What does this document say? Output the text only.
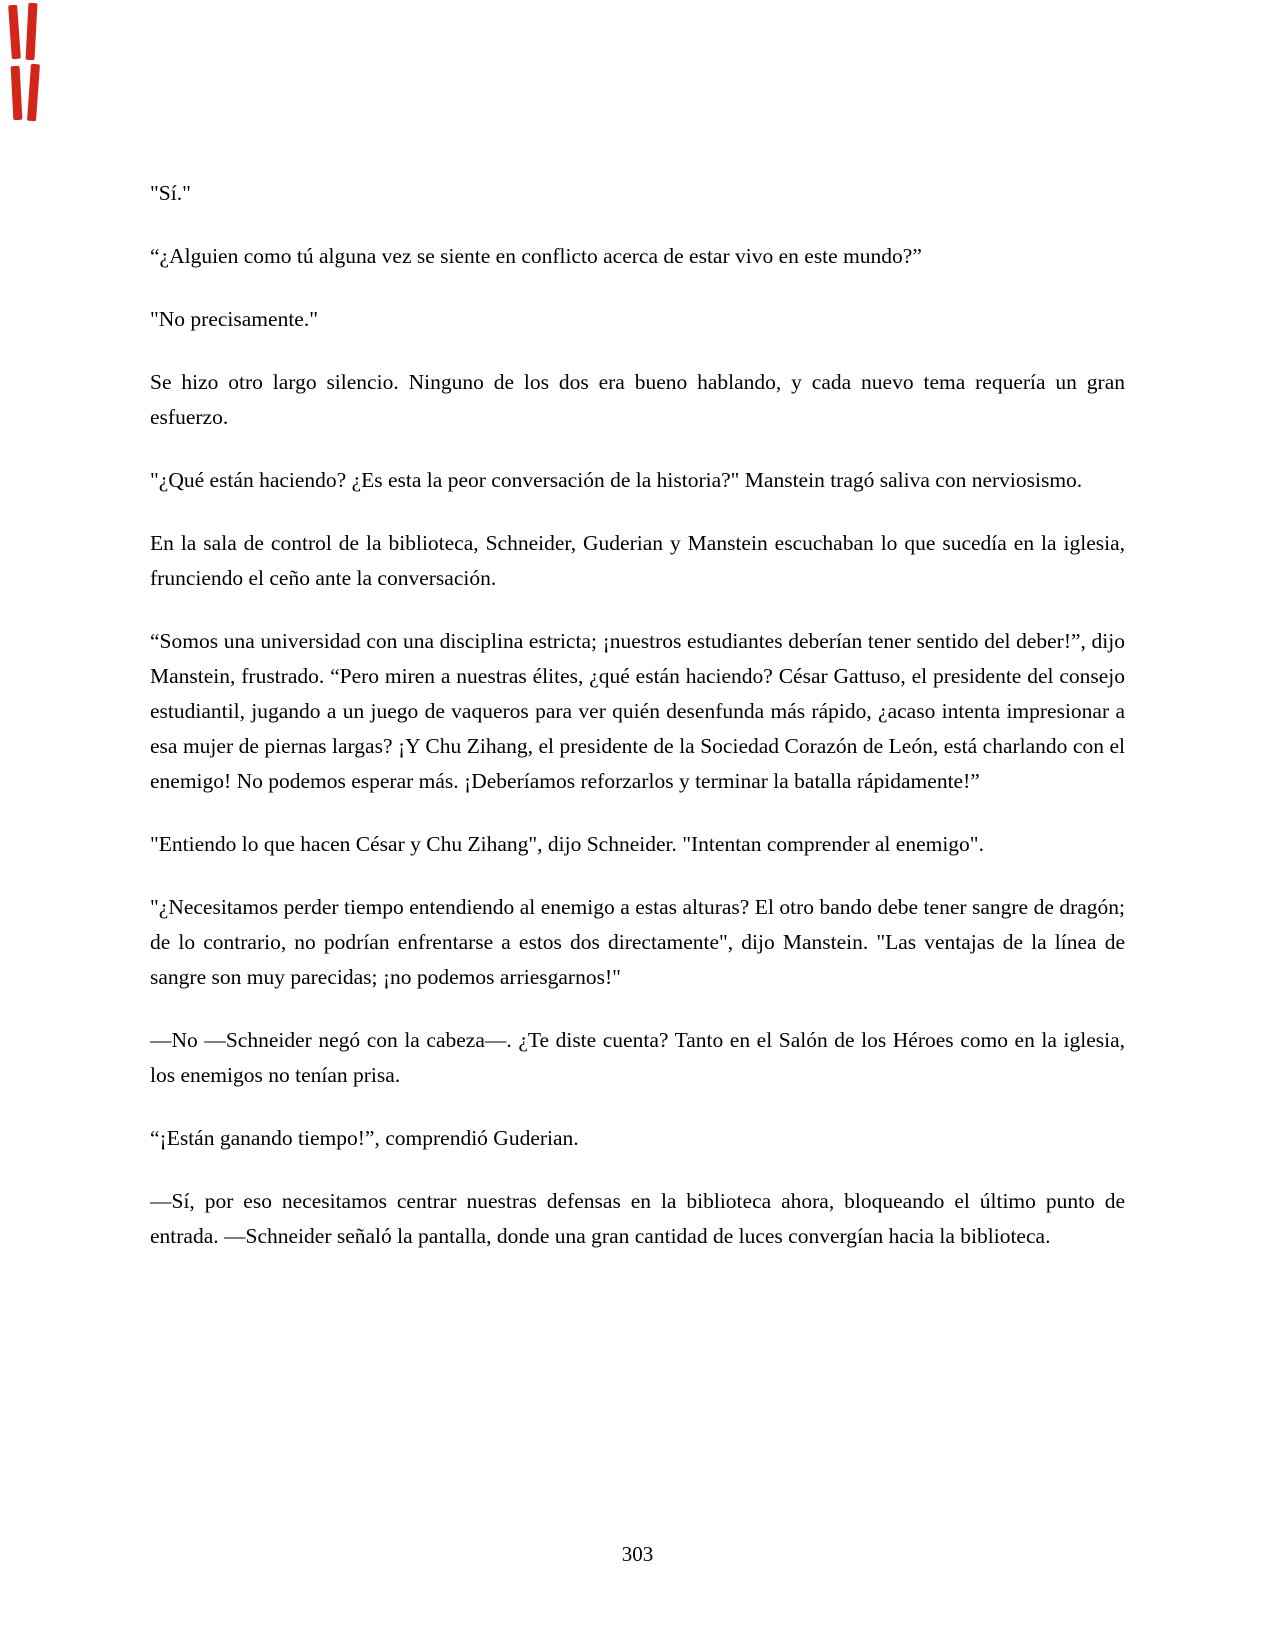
"Sí."

“¿Alguien como tú alguna vez se siente en conflicto acerca de estar vivo en este mundo?”

"No precisamente."

Se hizo otro largo silencio. Ninguno de los dos era bueno hablando, y cada nuevo tema requería un gran esfuerzo.

"¿Qué están haciendo? ¿Es esta la peor conversación de la historia?" Manstein tragó saliva con nerviosismo.

En la sala de control de la biblioteca, Schneider, Guderian y Manstein escuchaban lo que sucedía en la iglesia, frunciendo el ceño ante la conversación.

“Somos una universidad con una disciplina estricta; ¡nuestros estudiantes deberían tener sentido del deber!”, dijo Manstein, frustrado. “Pero miren a nuestras élites, ¿qué están haciendo? César Gattuso, el presidente del consejo estudiantil, jugando a un juego de vaqueros para ver quién desenfunda más rápido, ¿acaso intenta impresionar a esa mujer de piernas largas? ¡Y Chu Zihang, el presidente de la Sociedad Corazón de León, está charlando con el enemigo! No podemos esperar más. ¡Deberíamos reforzarlos y terminar la batalla rápidamente!”

"Entiendo lo que hacen César y Chu Zihang", dijo Schneider. "Intentan comprender al enemigo".

"¿Necesitamos perder tiempo entendiendo al enemigo a estas alturas? El otro bando debe tener sangre de dragón; de lo contrario, no podrían enfrentarse a estos dos directamente", dijo Manstein. "Las ventajas de la línea de sangre son muy parecidas; ¡no podemos arriesgarnos!"

—No —Schneider negó con la cabeza—. ¿Te diste cuenta? Tanto en el Salón de los Héroes como en la iglesia, los enemigos no tenían prisa.

“¡Están ganando tiempo!”, comprendió Guderian.

—Sí, por eso necesitamos centrar nuestras defensas en la biblioteca ahora, bloqueando el último punto de entrada. —Schneider señaló la pantalla, donde una gran cantidad de luces convergían hacia la biblioteca.

303
